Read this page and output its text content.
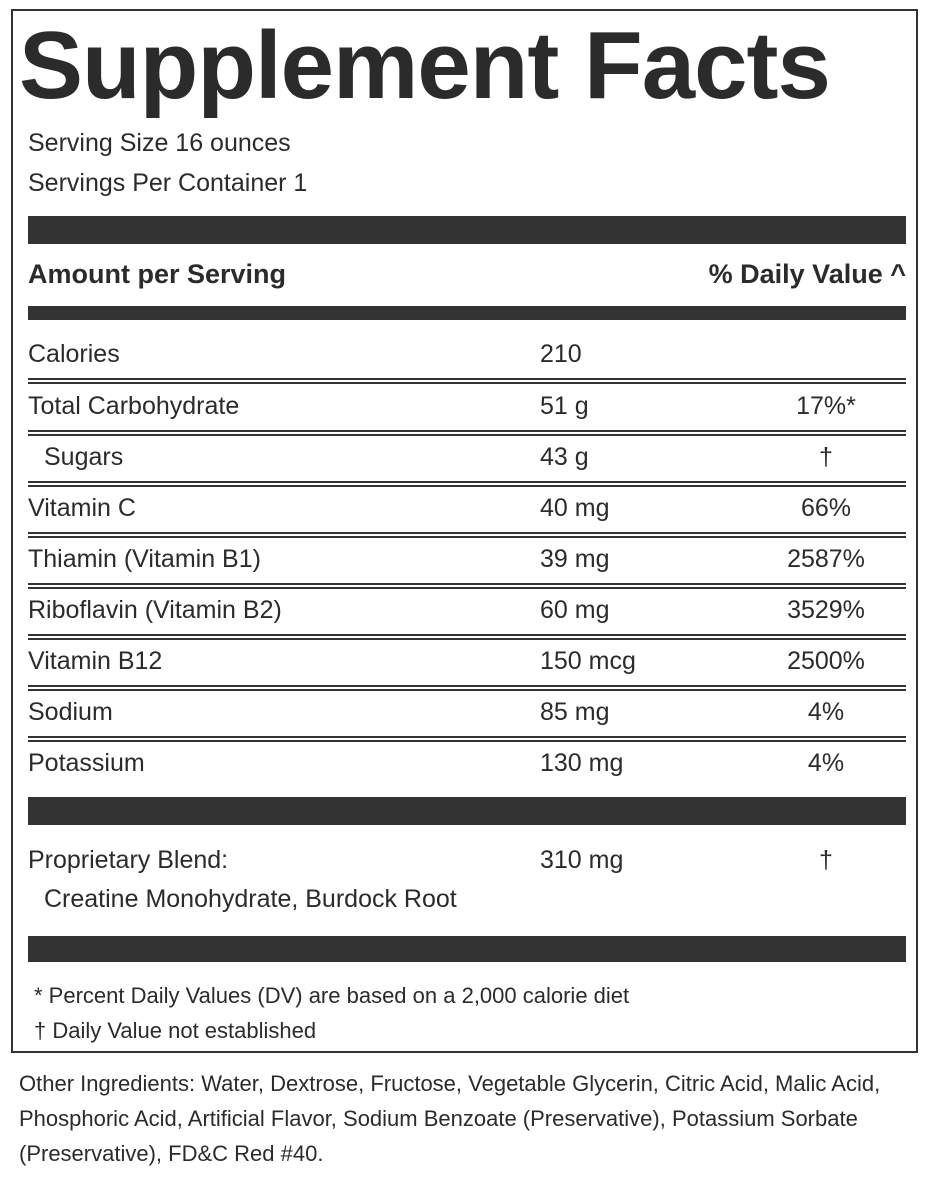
Supplement Facts
Serving Size 16 ounces
Servings Per Container 1
Amount per Serving	% Daily Value ^
Calories	210
Total Carbohydrate	51 g	17%*
Sugars	43 g	†
Vitamin C	40 mg	66%
Thiamin (Vitamin B1)	39 mg	2587%
Riboflavin (Vitamin B2)	60 mg	3529%
Vitamin B12	150 mcg	2500%
Sodium	85 mg	4%
Potassium	130 mg	4%
Proprietary Blend:	310 mg	†
Creatine Monohydrate, Burdock Root
* Percent Daily Values (DV) are based on a 2,000 calorie diet
† Daily Value not established
Other Ingredients: Water, Dextrose, Fructose, Vegetable Glycerin, Citric Acid, Malic Acid, Phosphoric Acid, Artificial Flavor, Sodium Benzoate (Preservative), Potassium Sorbate (Preservative), FD&C Red #40.
